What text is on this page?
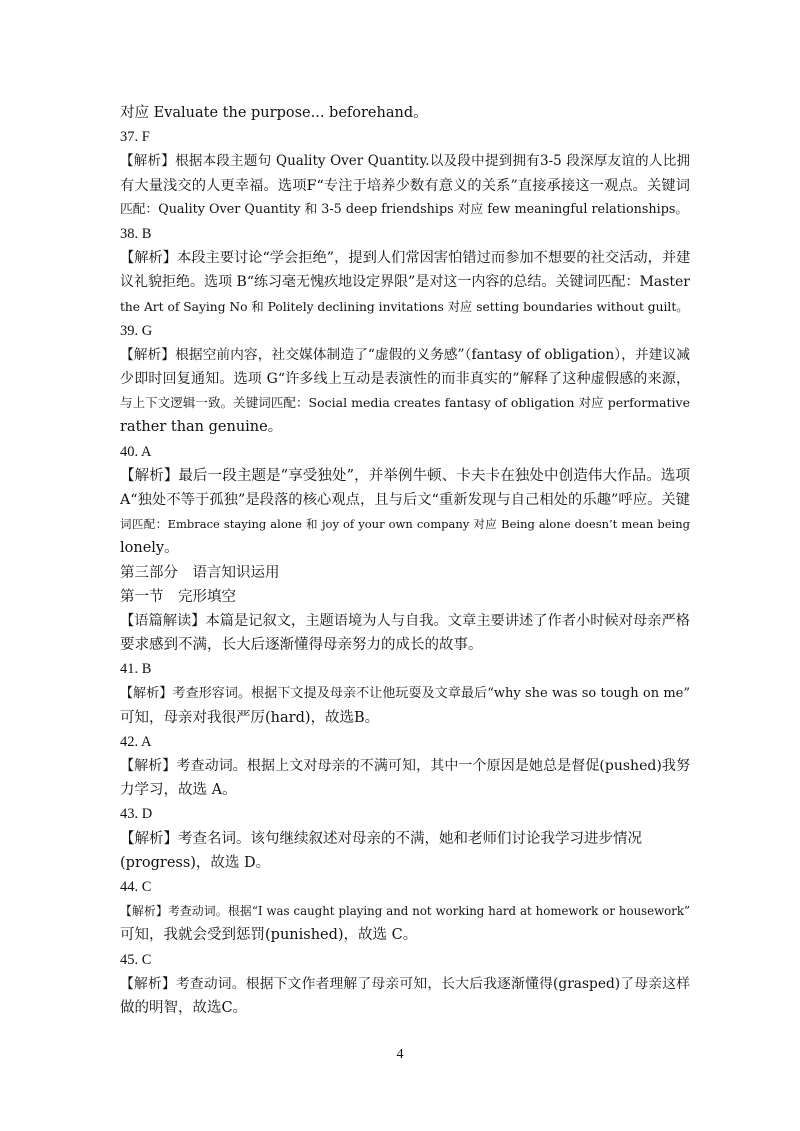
对应 Evaluate the purpose... beforehand。
37. F
【解析】根据本段主题句 Quality Over Quantity.以及段中提到拥有3-5 段深厚友谊的人比拥
有大量浅交的人更幸福。选项F“专注于培养少数有意义的关系”直接承接这一观点。关键词
匹配：Quality Over Quantity 和 3-5 deep friendships 对应 few meaningful relationships。
38. B
【解析】本段主要讨论“学会拒绝”，提到人们常因害怕错过而参加不想要的社交活动，并建
议礼貌拒绝。选项 B“练习毫无愧疚地设定界限”是对这一内容的总结。关键词匹配：Master
the Art of Saying No 和 Politely declining invitations 对应 setting boundaries without guilt。
39. G
【解析】根据空前内容，社交媒体制造了“虚假的义务感”（fantasy of obligation），并建议减
少即时回复通知。选项 G“许多线上互动是表演性的而非真实的”解释了这种虚假感的来源，
与上下文逻辑一致。关键词匹配：Social media creates fantasy of obligation 对应 performative
rather than genuine。
40. A
【解析】最后一段主题是“享受独处”，并举例牛顿、卡夫卡在独处中创造伟大作品。选项
A“独处不等于孤独”是段落的核心观点，且与后文“重新发现与自己相处的乐趣”呼应。关键
词匹配：Embrace staying alone 和 joy of your own company 对应 Being alone doesn’t mean being
lonely。
第三部分　语言知识运用
第一节　完形填空
【语篇解读】本篇是记叙文，主题语境为人与自我。文章主要讲述了作者小时候对母亲严格
要求感到不满，长大后逐渐懂得母亲努力的成长的故事。
41. B
【解析】考查形容词。根据下文提及母亲不让他玩耍及文章最后“why she was so tough on me”
可知，母亲对我很严厉(hard)，故选B。
42. A
【解析】考查动词。根据上文对母亲的不满可知，其中一个原因是她总是督促(pushed)我努
力学习，故选 A。
43. D
【解析】考查名词。该句继续叙述对母亲的不满，她和老师们讨论我学习进步情况
(progress)，故选 D。
44. C
【解析】考查动词。根据“I was caught playing and not working hard at homework or housework”
可知，我就会受到惩罚(punished)，故选 C。
45. C
【解析】考查动词。根据下文作者理解了母亲可知，长大后我逐渐懂得(grasped)了母亲这样
做的明智，故选C。
4
